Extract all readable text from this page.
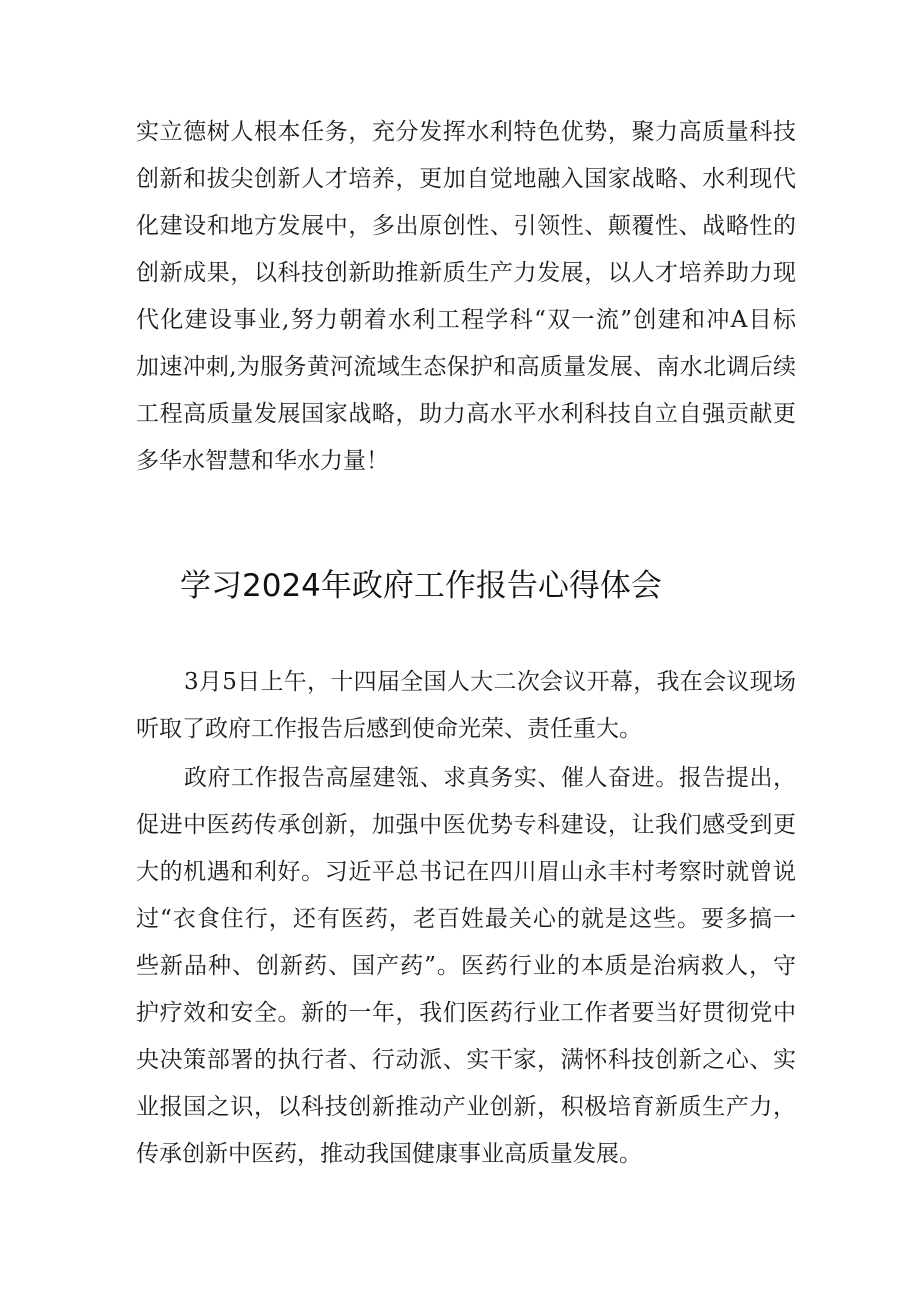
实立德树人根本任务，充分发挥水利特色优势，聚力高质量科技
创新和拔尖创新人才培养，更加自觉地融入国家战略、水利现代
化建设和地方发展中，多出原创性、引领性、颠覆性、战略性的
创新成果，以科技创新助推新质生产力发展，以人才培养助力现
代化建设事业,努力朝着水利工程学科“双一流”创建和冲A目标
加速冲刺,为服务黄河流域生态保护和高质量发展、南水北调后续
工程高质量发展国家战略，助力高水平水利科技自立自强贡献更
多华水智慧和华水力量！
学习2024年政府工作报告心得体会
3月5日上午，十四届全国人大二次会议开幕，我在会议现场
听取了政府工作报告后感到使命光荣、责任重大。
政府工作报告高屋建瓴、求真务实、催人奋进。报告提出，
促进中医药传承创新，加强中医优势专科建设，让我们感受到更
大的机遇和利好。习近平总书记在四川眉山永丰村考察时就曾说
过“衣食住行，还有医药，老百姓最关心的就是这些。要多搞一
些新品种、创新药、国产药”。医药行业的本质是治病救人，守
护疗效和安全。新的一年，我们医药行业工作者要当好贯彻党中
央决策部署的执行者、行动派、实干家，满怀科技创新之心、实
业报国之识，以科技创新推动产业创新，积极培育新质生产力，
传承创新中医药，推动我国健康事业高质量发展。
